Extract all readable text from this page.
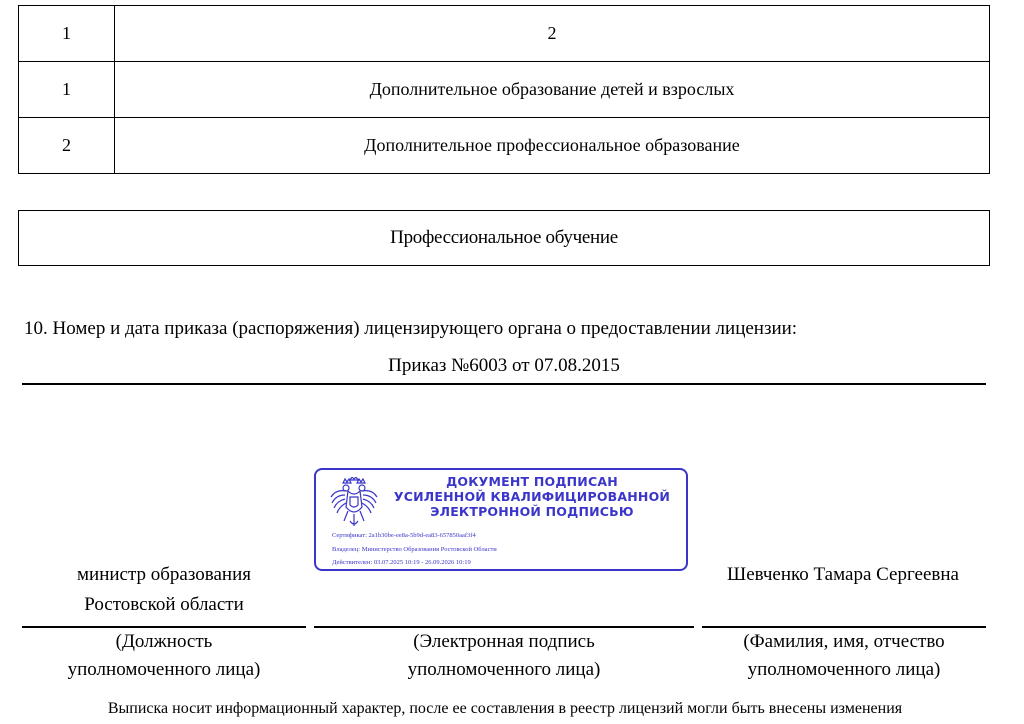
1	2
1	Дополнительное образование детей и взрослых
2	Дополнительное профессиональное образование
Профессиональное обучение
10. Номер и дата приказа (распоряжения) лицензирующего органа о предоставлении лицензии:
Приказ №6003 от 07.08.2015
ДОКУМЕНТ ПОДПИСАН
УСИЛЕННОЙ КВАЛИФИЦИРОВАННОЙ
ЭЛЕКТРОННОЙ ПОДПИСЬЮ
Сертификат: 2a1b30be-ee8a-5b9d-ea83-657850aaf3f4
Владелец: Министерство Образования Ростовской Области
Действителен: 03.07.2025 10:19 - 26.09.2026 10:19
министр образования
Ростовской области
Шевченко Тамара Сергеевна
(Должность
уполномоченного лица)
(Электронная подпись
уполномоченного лица)
(Фамилия, имя, отчество
уполномоченного лица)
Выписка носит информационный характер, после ее составления в реестр лицензий могли быть внесены изменения
